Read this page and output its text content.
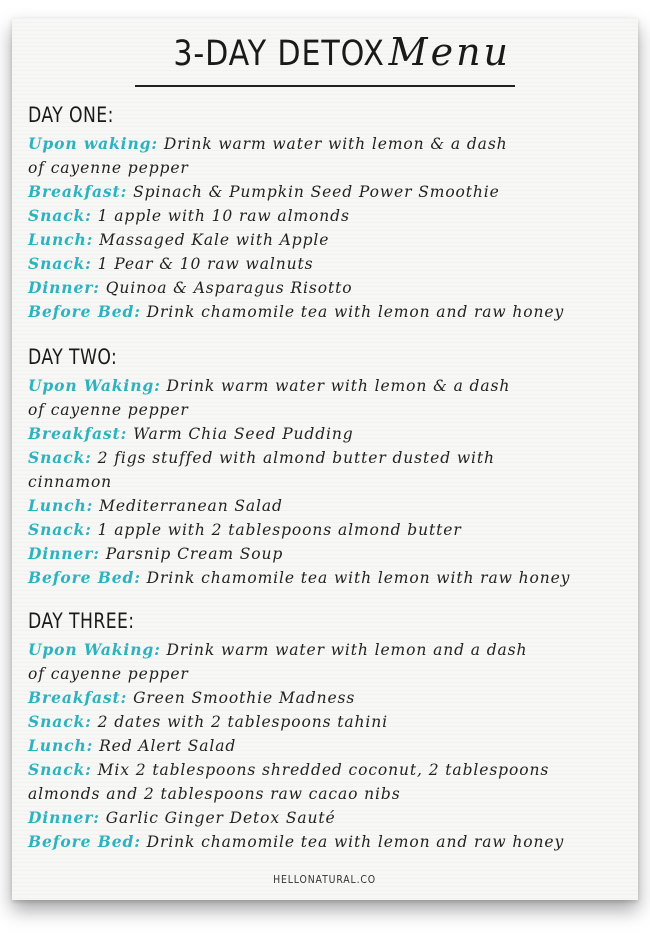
3-DAY DETOX Menu
DAY ONE:
Upon waking: Drink warm water with lemon & a dash
of cayenne pepper
Breakfast: Spinach & Pumpkin Seed Power Smoothie
Snack: 1 apple with 10 raw almonds
Lunch: Massaged Kale with Apple
Snack: 1 Pear & 10 raw walnuts
Dinner: Quinoa & Asparagus Risotto
Before Bed: Drink chamomile tea with lemon and raw honey
DAY TWO:
Upon Waking: Drink warm water with lemon & a dash
of cayenne pepper
Breakfast: Warm Chia Seed Pudding
Snack: 2 figs stuffed with almond butter dusted with
cinnamon
Lunch: Mediterranean Salad
Snack: 1 apple with 2 tablespoons almond butter
Dinner: Parsnip Cream Soup
Before Bed: Drink chamomile tea with lemon with raw honey
DAY THREE:
Upon Waking: Drink warm water with lemon and a dash
of cayenne pepper
Breakfast: Green Smoothie Madness
Snack: 2 dates with 2 tablespoons tahini
Lunch: Red Alert Salad
Snack: Mix 2 tablespoons shredded coconut, 2 tablespoons
almonds and 2 tablespoons raw cacao nibs
Dinner: Garlic Ginger Detox Sauté
Before Bed: Drink chamomile tea with lemon and raw honey
HELLONATURAL.CO
